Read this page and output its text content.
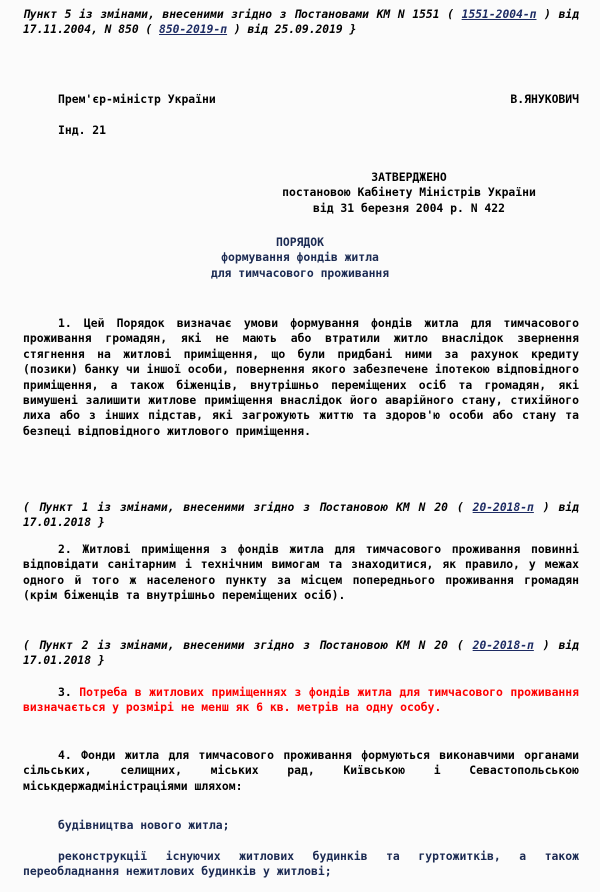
Пункт 5 із змінами, внесеними згідно з Постановами КМ N 1551 ( 1551-2004-п ) від 17.11.2004, N 850 ( 850-2019-п ) від 25.09.2019 }
Прем'єр-міністр України	В.ЯНУКОВИЧ
Інд. 21
ЗАТВЕРДЖЕНО
постановою Кабінету Міністрів України
від 31 березня 2004 р. N 422
ПОРЯДОК
формування фондів житла
для тимчасового проживання
1. Цей Порядок визначає умови формування фондів житла для тимчасового проживання громадян, які не мають або втратили житло внаслідок звернення стягнення на житлові приміщення, що були придбані ними за рахунок кредиту (позики) банку чи іншої особи, повернення якого забезпечене іпотекою відповідного приміщення, а також біженців, внутрішньо переміщених осіб та громадян, які вимушені залишити житлове приміщення внаслідок його аварійного стану, стихійного лиха або з інших підстав, які загрожують життю та здоров'ю особи або стану та безпеці відповідного житлового приміщення.
( Пункт 1 із змінами, внесеними згідно з Постановою КМ N 20 ( 20-2018-п ) від 17.01.2018 }
2. Житлові приміщення з фондів житла для тимчасового проживання повинні відповідати санітарним і технічним вимогам та знаходитися, як правило, у межах одного й того ж населеного пункту за місцем попереднього проживання громадян (крім біженців та внутрішньо переміщених осіб).
( Пункт 2 із змінами, внесеними згідно з Постановою КМ N 20 ( 20-2018-п ) від 17.01.2018 }
3. Потреба в житлових приміщеннях з фондів житла для тимчасового проживання визначається у розмірі не менш як 6 кв. метрів на одну особу.
4. Фонди житла для тимчасового проживання формуються виконавчими органами сільських, селищних, міських рад, Київською і Севастопольською міськдержадміністраціями шляхом:
будівництва нового житла;
реконструкції існуючих житлових будинків та гуртожитків, а також переобладнання нежитлових будинків у житлові;
